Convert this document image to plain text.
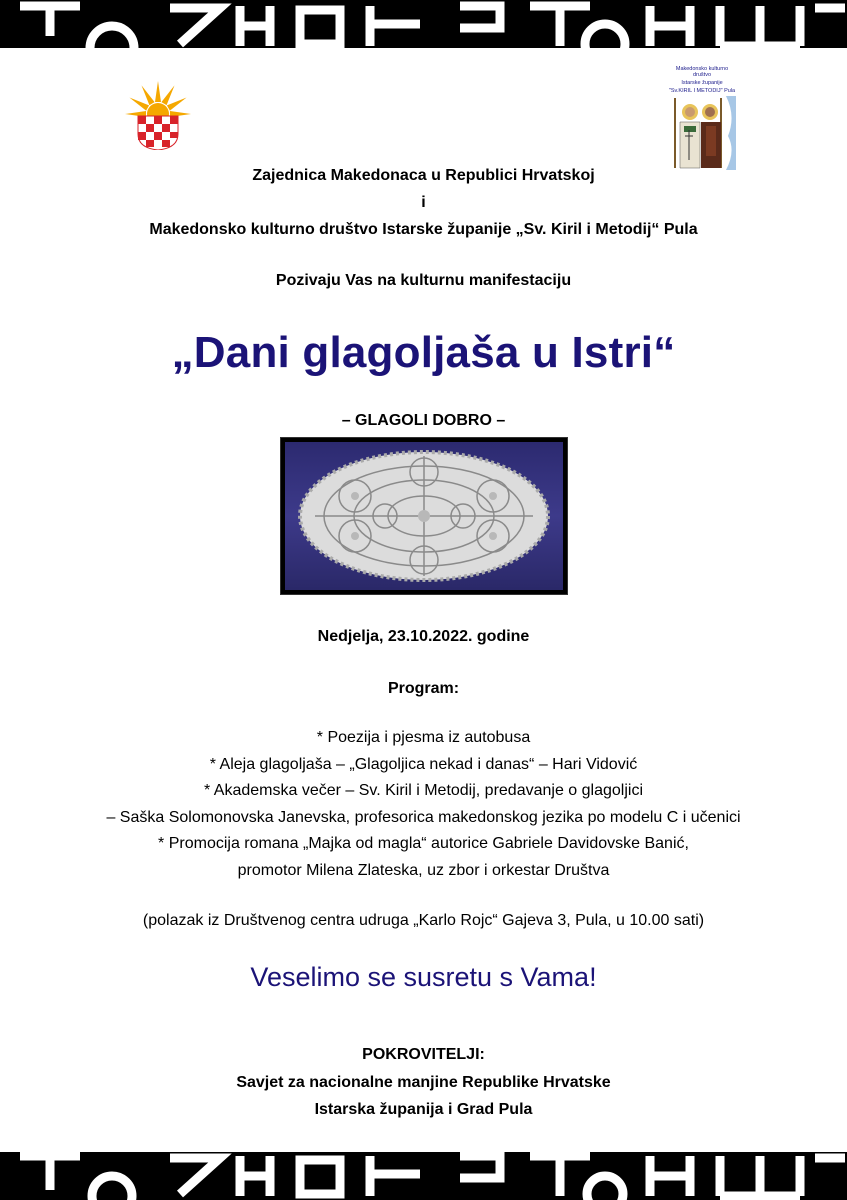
Makedonsko kulturno društvo
Istarske županije
"Sv.KIRIL I METODIJ" Pula
Zajednica Makedonaca u Republici Hrvatskoj
i
Makedonsko kulturno društvo Istarske županije „Sv. Kiril i Metodij“ Pula
Pozivaju Vas na kulturnu manifestaciju
„Dani glagoljaša u Istri“
– GLAGOLI DOBRO –
Nedjelja, 23.10.2022. godine
Program:
* Poezija i pjesma iz autobusa
* Aleja glagoljaša – „Glagoljica nekad i danas“ – Hari Vidović
* Akademska večer – Sv. Kiril i Metodij, predavanje o glagoljici
– Saška Solomonovska Janevska, profesorica makedonskog jezika po modelu C i učenici
* Promocija romana „Majka od magla“ autorice Gabriele Davidovske Banić,
promotor Milena Zlateska, uz zbor i orkestar Društva
(polazak iz Društvenog centra udruga „Karlo Rojc“ Gajeva 3, Pula, u 10.00 sati)
Veselimo se susretu s Vama!
POKROVITELJI:
Savjet za nacionalne manjine Republike Hrvatske
Istarska županija i Grad Pula
